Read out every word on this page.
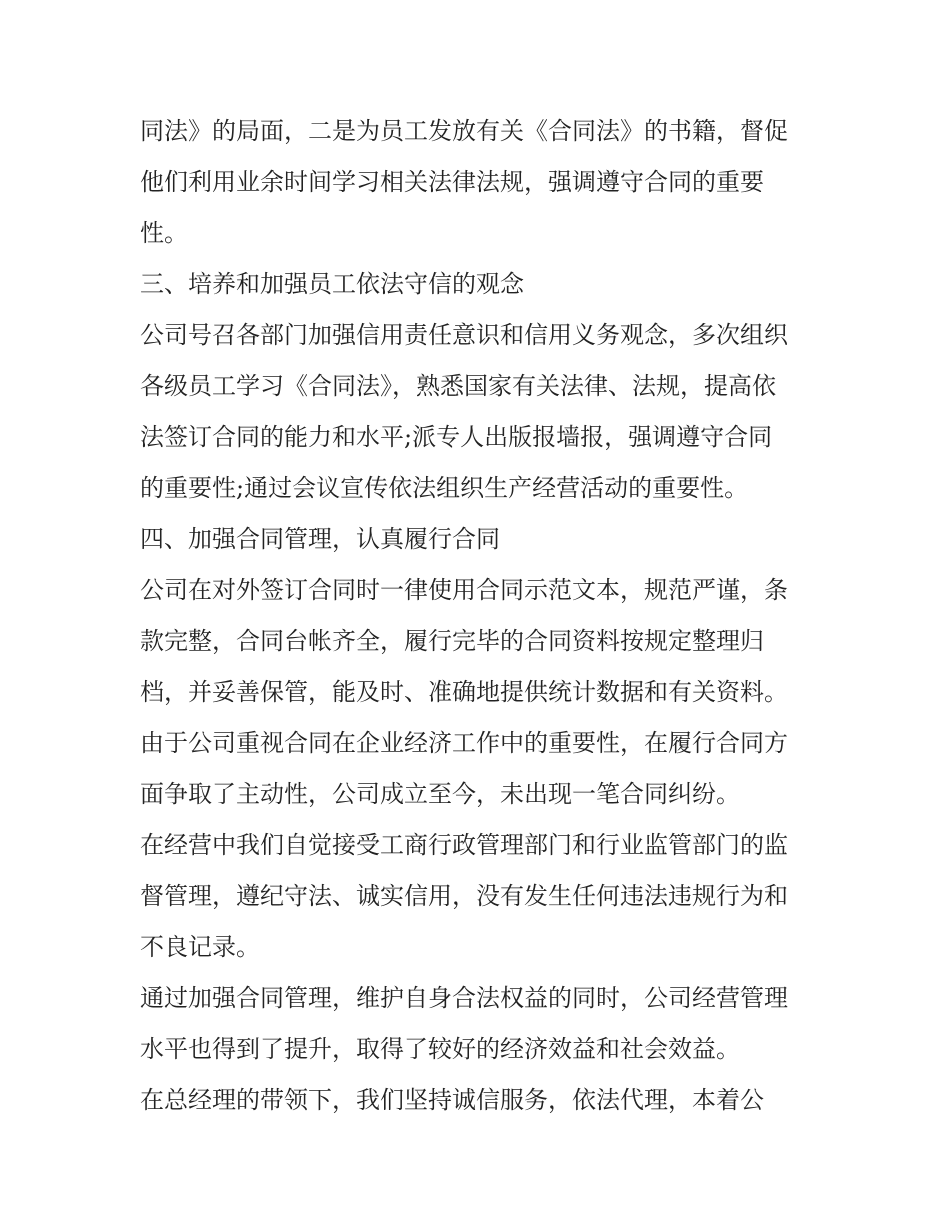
同法》的局面，二是为员工发放有关《合同法》的书籍，督促
他们利用业余时间学习相关法律法规，强调遵守合同的重要
性。
三、培养和加强员工依法守信的观念
公司号召各部门加强信用责任意识和信用义务观念，多次组织
各级员工学习《合同法》，熟悉国家有关法律、法规，提高依
法签订合同的能力和水平;派专人出版报墙报，强调遵守合同
的重要性;通过会议宣传依法组织生产经营活动的重要性。
四、加强合同管理，认真履行合同
公司在对外签订合同时一律使用合同示范文本，规范严谨，条
款完整，合同台帐齐全，履行完毕的合同资料按规定整理归
档，并妥善保管，能及时、准确地提供统计数据和有关资料。
由于公司重视合同在企业经济工作中的重要性，在履行合同方
面争取了主动性，公司成立至今，未出现一笔合同纠纷。
在经营中我们自觉接受工商行政管理部门和行业监管部门的监
督管理，遵纪守法、诚实信用，没有发生任何违法违规行为和
不良记录。
通过加强合同管理，维护自身合法权益的同时，公司经营管理
水平也得到了提升，取得了较好的经济效益和社会效益。
在总经理的带领下，我们坚持诚信服务，依法代理，本着公
